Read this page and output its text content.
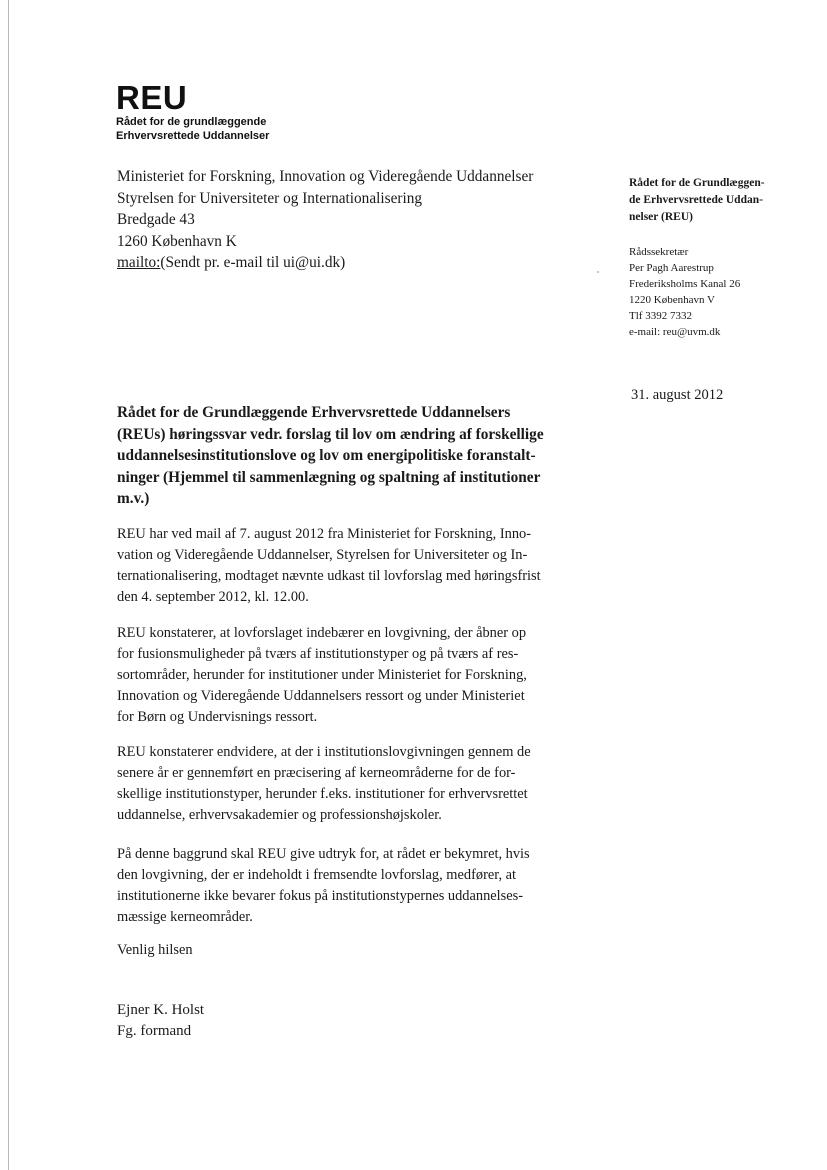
REU
Rådet for de grundlæggende
Erhvervsrettede Uddannelser
Ministeriet for Forskning, Innovation og Videregående Uddannelser
Styrelsen for Universiteter og Internationalisering
Bredgade 43
1260 København K
mailto:(Sendt pr. e-mail til ui@ui.dk)
Rådet for de Grundlæggen-
de Erhvervsrettede Uddan-
nelser (REU)
Rådssekretær
Per Pagh Aarestrup
Frederiksholms Kanal 26
1220 København V
Tlf 3392 7332
e-mail: reu@uvm.dk
31. august 2012
Rådet for de Grundlæggende Erhvervsrettede Uddannelsers
(REUs) høringssvar vedr. forslag til lov om ændring af forskellige
uddannelsesinstitutionslove og lov om energipolitiske foranstalt-
ninger (Hjemmel til sammenlægning og spaltning af institutioner
m.v.)
REU har ved mail af 7. august 2012 fra Ministeriet for Forskning, Inno-
vation og Videregående Uddannelser, Styrelsen for Universiteter og In-
ternationalisering, modtaget nævnte udkast til lovforslag med høringsfrist
den 4. september 2012, kl. 12.00.
REU konstaterer, at lovforslaget indebærer en lovgivning, der åbner op
for fusionsmuligheder på tværs af institutionstyper og på tværs af res-
sortområder, herunder for institutioner under Ministeriet for Forskning,
Innovation og Videregående Uddannelsers ressort og under Ministeriet
for Børn og Undervisnings ressort.
REU konstaterer endvidere, at der i institutionslovgivningen gennem de
senere år er gennemført en præcisering af kerneområderne for de for-
skellige institutionstyper, herunder f.eks. institutioner for erhvervsrettet
uddannelse, erhvervsakademier og professionshøjskoler.
På denne baggrund skal REU give udtryk for, at rådet er bekymret, hvis
den lovgivning, der er indeholdt i fremsendte lovforslag, medfører, at
institutionerne ikke bevarer fokus på institutionstypernes uddannelses-
mæssige kerneområder.
Venlig hilsen
Ejner K. Holst
Fg. formand
